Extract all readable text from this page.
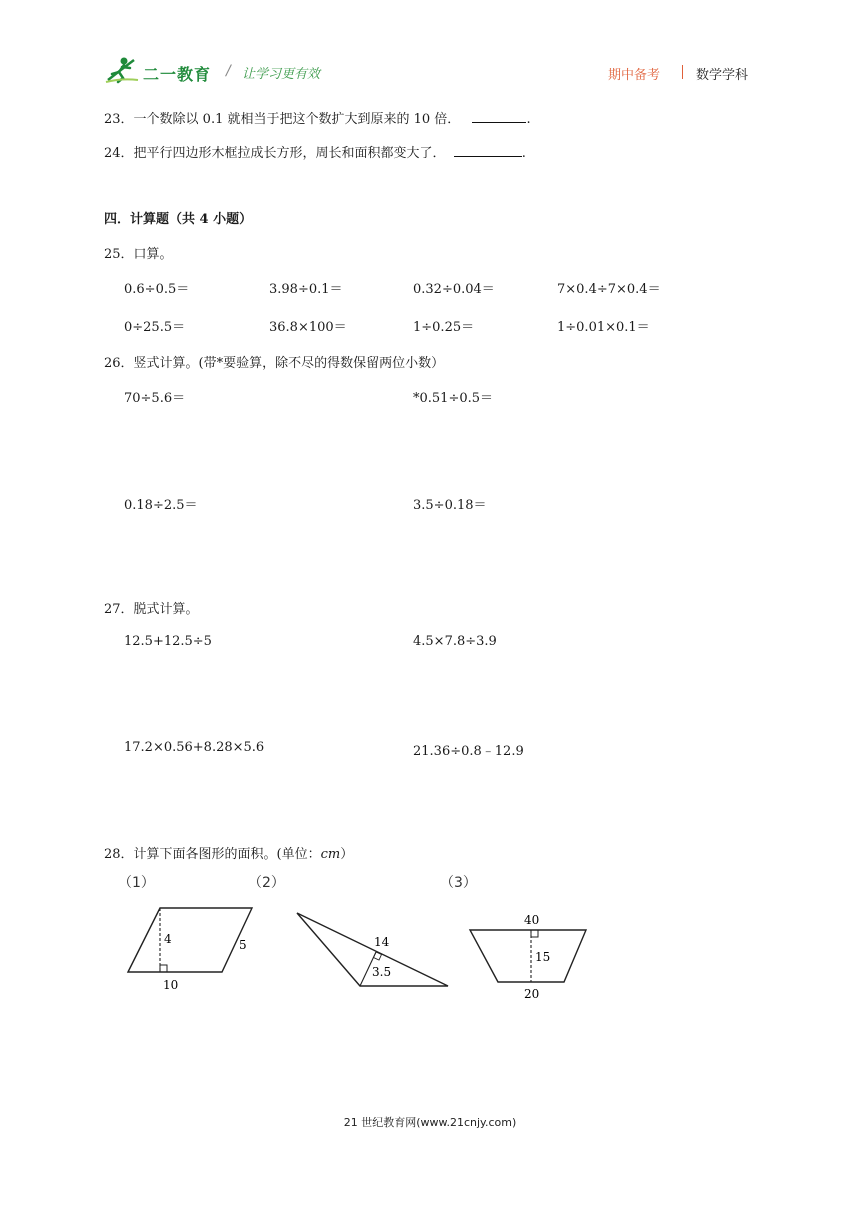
二一教育 / 让学习更有效	期中备考	数学学科
23．一个数除以 0.1 就相当于把这个数扩大到原来的 10 倍．	.
24．把平行四边形木框拉成长方形，周长和面积都变大了．	.
四．计算题（共 4 小题）
25．口算。
0.6÷0.5＝	3.98÷0.1＝	0.32÷0.04＝	7×0.4÷7×0.4＝
0÷25.5＝	36.8×100＝	1÷0.25＝	1÷0.01×0.1＝
26．竖式计算。(带*要验算，除不尽的得数保留两位小数）
70÷5.6＝	*0.51÷0.5＝
0.18÷2.5＝	3.5÷0.18＝
27．脱式计算。
12.5+12.5÷5	4.5×7.8÷3.9
17.2×0.56+8.28×5.6	21.36÷0.8﹣12.9
28．计算下面各图形的面积。(单位：cm）
（1）	（2）	（3）
4	5
10
14
3.5
40
15
20
21 世纪教育网(www.21cnjy.com)
